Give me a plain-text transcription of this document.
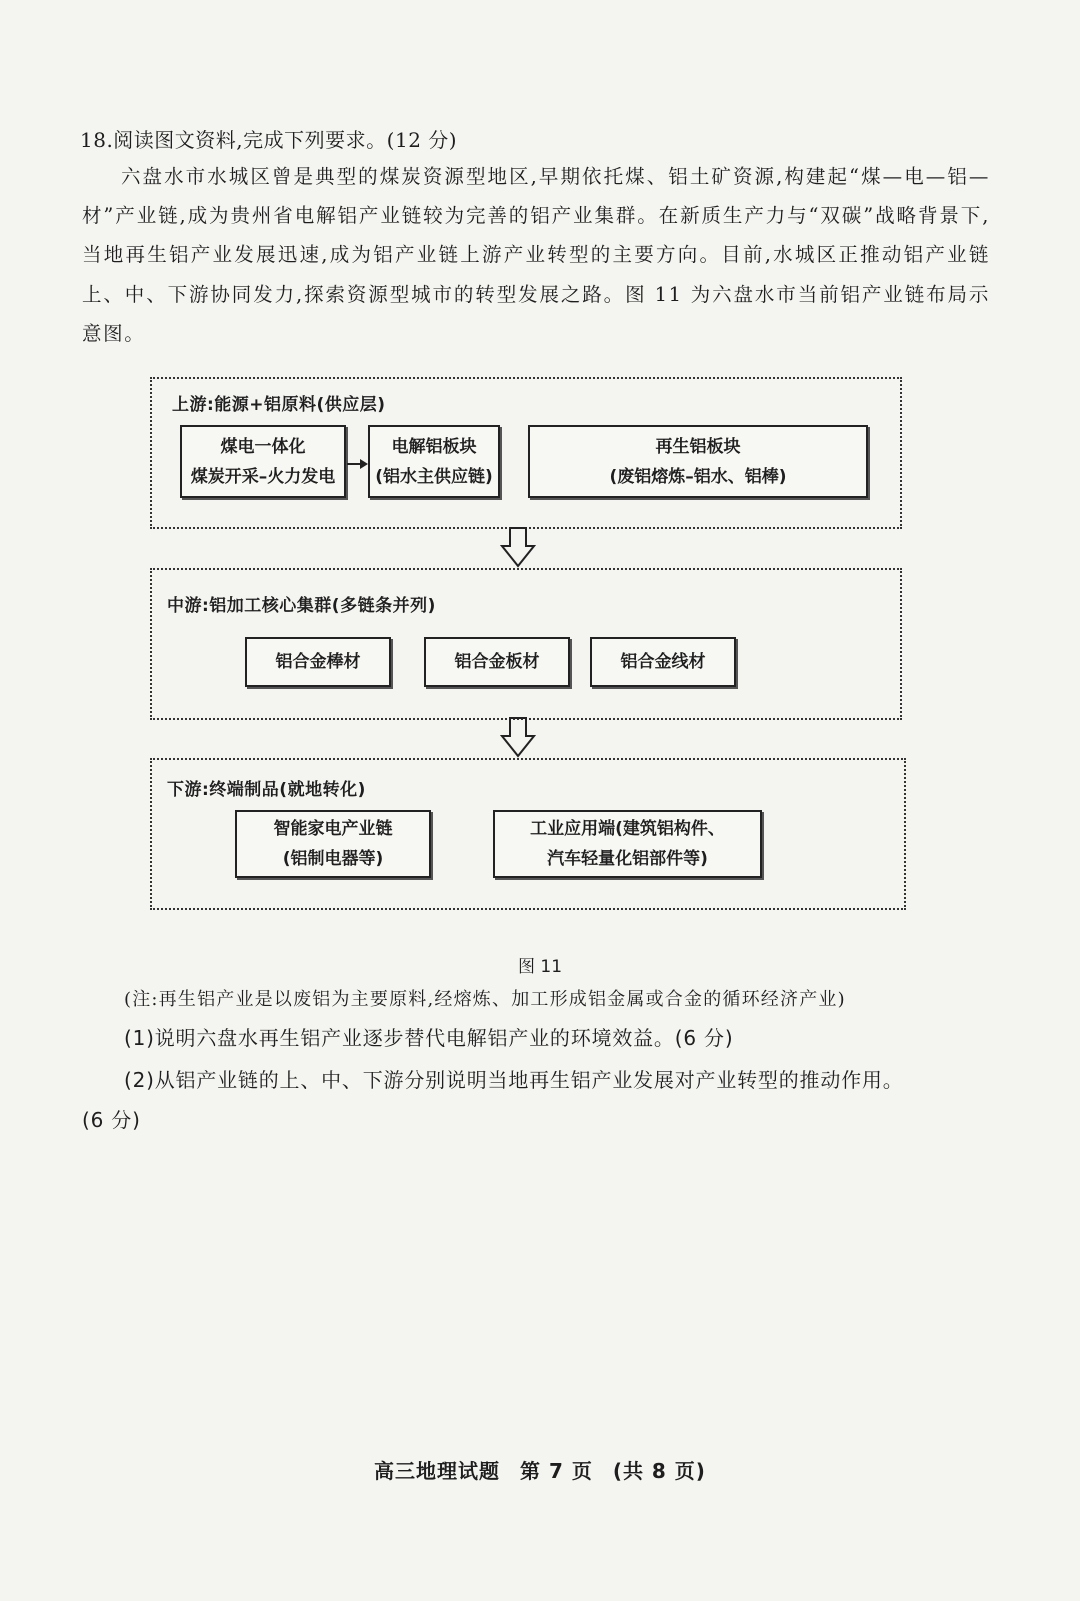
18.阅读图文资料,完成下列要求。(12 分)
六盘水市水城区曾是典型的煤炭资源型地区,早期依托煤、铝土矿资源,构建起“煤—电—铝—材”产业链,成为贵州省电解铝产业链较为完善的铝产业集群。在新质生产力与“双碳”战略背景下,当地再生铝产业发展迅速,成为铝产业链上游产业转型的主要方向。目前,水城区正推动铝产业链上、中、下游协同发力,探索资源型城市的转型发展之路。图 11 为六盘水市当前铝产业链布局示意图。
上游:能源+铝原料(供应层)
煤电一体化
煤炭开采–火力发电
电解铝板块
(铝水主供应链)
再生铝板块
(废铝熔炼–铝水、铝棒)
中游:铝加工核心集群(多链条并列)
铝合金棒材	铝合金板材	铝合金线材
下游:终端制品(就地转化)
智能家电产业链
(铝制电器等)
工业应用端(建筑铝构件、
汽车轻量化铝部件等)
图 11
(注:再生铝产业是以废铝为主要原料,经熔炼、加工形成铝金属或合金的循环经济产业)
(1)说明六盘水再生铝产业逐步替代电解铝产业的环境效益。(6 分)
(2)从铝产业链的上、中、下游分别说明当地再生铝产业发展对产业转型的推动作用。
(6 分)
高三地理试题 第 7 页 (共 8 页)
